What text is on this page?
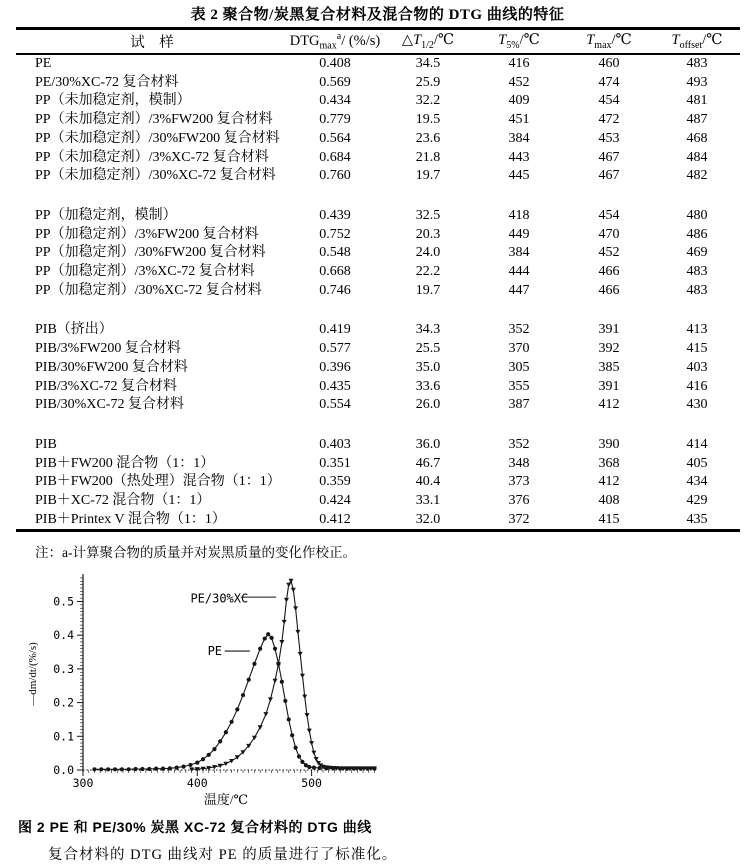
表 2 聚合物/炭黑复合材料及混合物的 DTG 曲线的特征
试　样	$DTG_{max}^a/$ (%/s)	$\triangle T_{1/2}/℃$	$T_{5\%}/℃$	$T_{max}/℃$	$T_{offset}/℃$
PE	0.408	34.5	416	460	483
PE/30%XC-72 复合材料	0.569	25.9	452	474	493
PP（未加稳定剂，模制）	0.434	32.2	409	454	481
PP（未加稳定剂）/3%FW200 复合材料	0.779	19.5	451	472	487
PP（未加稳定剂）/30%FW200 复合材料	0.564	23.6	384	453	468
PP（未加稳定剂）/3%XC-72 复合材料	0.684	21.8	443	467	484
PP（未加稳定剂）/30%XC-72 复合材料	0.760	19.7	445	467	482

PP（加稳定剂，模制）	0.439	32.5	418	454	480
PP（加稳定剂）/3%FW200 复合材料	0.752	20.3	449	470	486
PP（加稳定剂）/30%FW200 复合材料	0.548	24.0	384	452	469
PP（加稳定剂）/3%XC-72 复合材料	0.668	22.2	444	466	483
PP（加稳定剂）/30%XC-72 复合材料	0.746	19.7	447	466	483

PIB（挤出）	0.419	34.3	352	391	413
PIB/3%FW200 复合材料	0.577	25.5	370	392	415
PIB/30%FW200 复合材料	0.396	35.0	305	385	403
PIB/3%XC-72 复合材料	0.435	33.6	355	391	416
PIB/30%XC-72 复合材料	0.554	26.0	387	412	430

PIB	0.403	36.0	352	390	414
PIB＋FW200 混合物（1：1）	0.351	46.7	348	368	405
PIB＋FW200（热处理）混合物（1：1）	0.359	40.4	373	412	434
PIB＋XC-72 混合物（1：1）	0.424	33.1	376	408	429
PIB＋Printex V 混合物（1：1）	0.412	32.0	372	415	435
注：a-计算聚合物的质量并对炭黑质量的变化作校正。
0.0
0.1
0.2
0.3
0.4
0.5
300	400	500
温度/℃
—dm/dt/(%/s)
PE/30%XC
PE
图 2 PE 和 PE/30% 炭黑 XC-72 复合材料的 DTG 曲线
复合材料的 DTG 曲线对 PE 的质量进行了标准化。
